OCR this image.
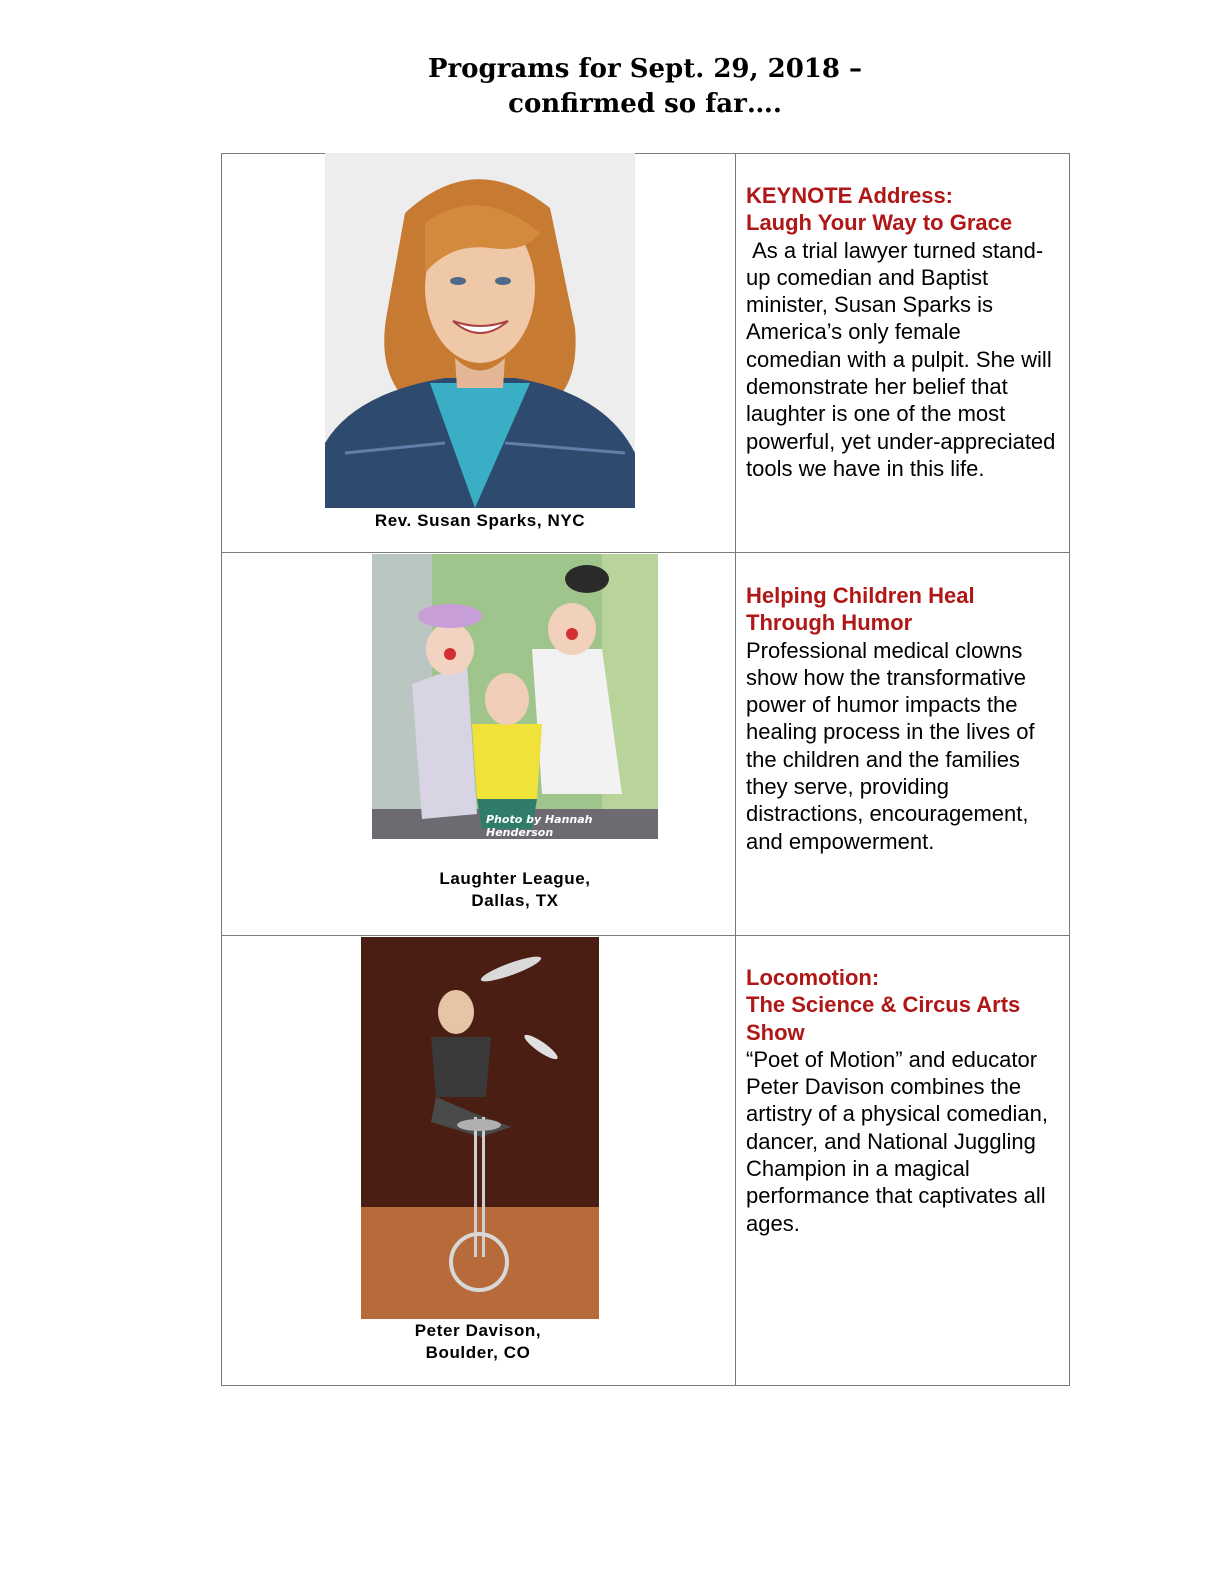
Programs for Sept. 29, 2018 –
confirmed so far….
Rev. Susan Sparks, NYC
KEYNOTE Address:
Laugh Your Way to Grace
As a trial lawyer turned stand-up comedian and Baptist minister, Susan Sparks is America’s only female comedian with a pulpit. She will demonstrate her belief that laughter is one of the most powerful, yet under-appreciated tools we have in this life.
Photo by Hannah Henderson
Laughter League,
Dallas, TX
Helping Children Heal
Through Humor
Professional medical clowns show how the transformative power of humor impacts the healing process in the lives of the children and the families they serve, providing distractions, encouragement, and empowerment.
Peter Davison,
Boulder, CO
Locomotion:
The Science & Circus Arts Show
“Poet of Motion” and educator Peter Davison combines the artistry of a physical comedian, dancer, and National Juggling Champion in a magical performance that captivates all ages.
